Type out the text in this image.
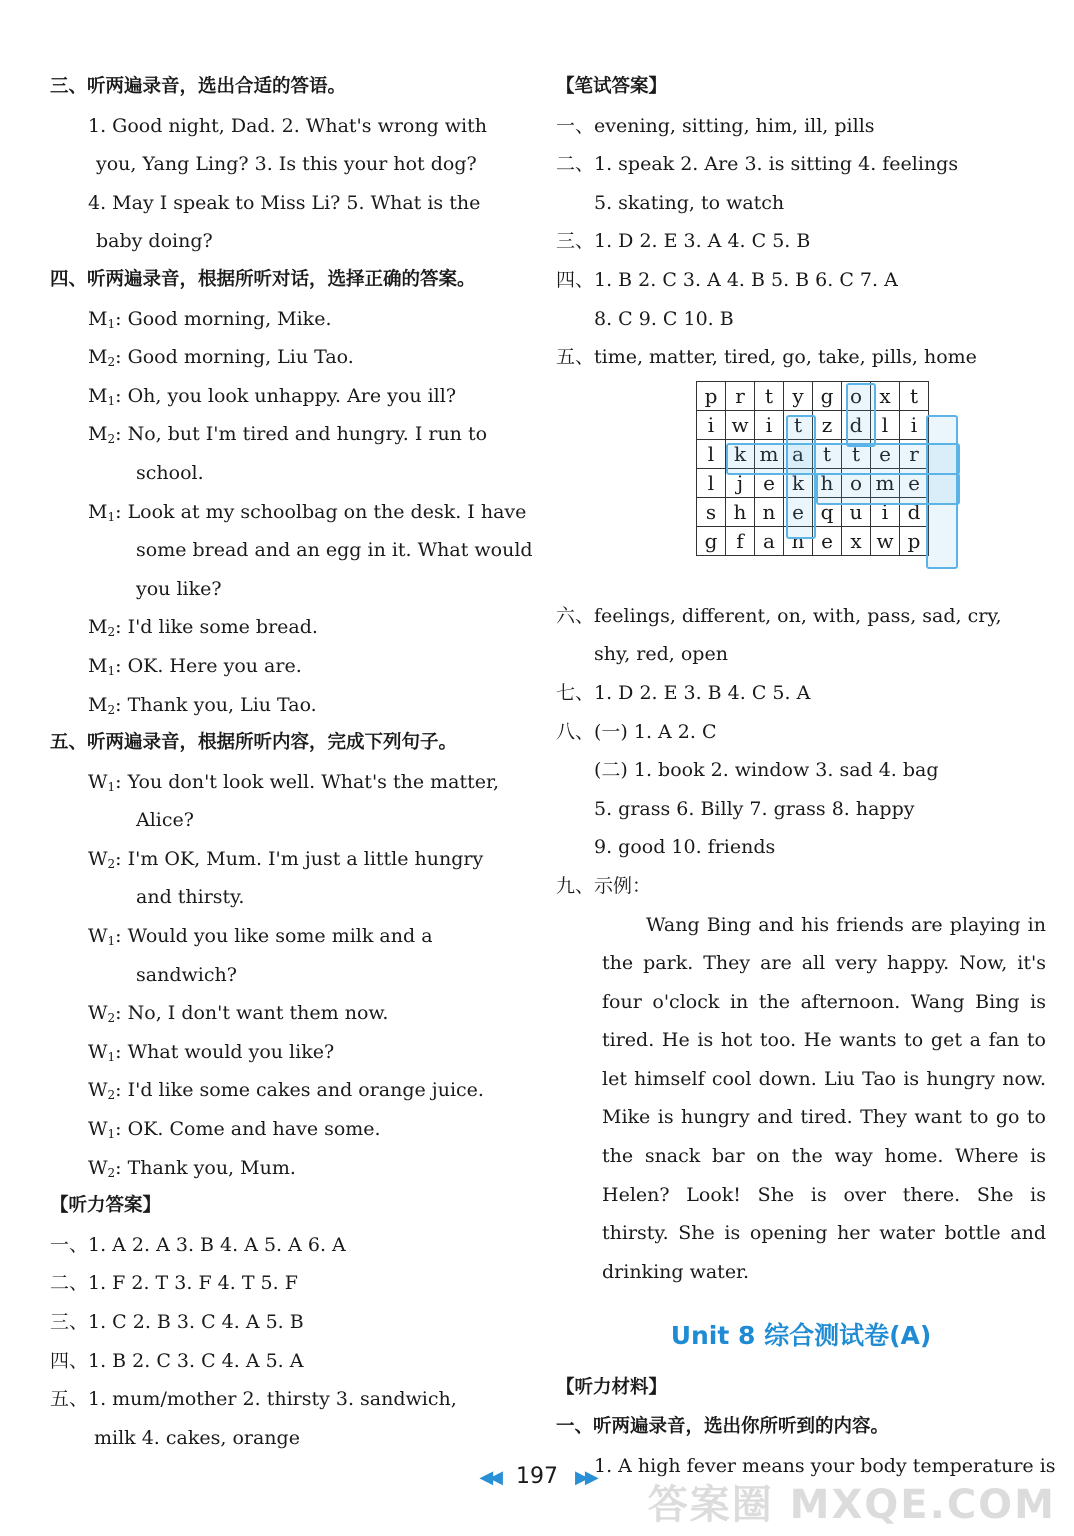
三、听两遍录音，选出合适的答语。
1. Good night, Dad. 2. What's wrong with
you, Yang Ling? 3. Is this your hot dog?
4. May I speak to Miss Li? 5. What is the
baby doing?
四、听两遍录音，根据所听对话，选择正确的答案。
$M_1$: Good morning, Mike.
$M_2$: Good morning, Liu Tao.
$M_1$: Oh, you look unhappy. Are you ill?
$M_2$: No, but I'm tired and hungry. I run to
school.
$M_1$: Look at my schoolbag on the desk. I have
some bread and an egg in it. What would
you like?
$M_2$: I'd like some bread.
$M_1$: OK. Here you are.
$M_2$: Thank you, Liu Tao.
五、听两遍录音，根据所听内容，完成下列句子。
$W_1$: You don't look well. What's the matter,
Alice?
$W_2$: I'm OK, Mum. I'm just a little hungry
and thirsty.
$W_1$: Would you like some milk and a
sandwich?
$W_2$: No, I don't want them now.
$W_1$: What would you like?
$W_2$: I'd like some cakes and orange juice.
$W_1$: OK. Come and have some.
$W_2$: Thank you, Mum.
【听力答案】
一、1. A 2. A 3. B 4. A 5. A 6. A
二、1. F 2. T 3. F 4. T 5. F
三、1. C 2. B 3. C 4. A 5. B
四、1. B 2. C 3. C 4. A 5. A
五、1. mum/mother 2. thirsty 3. sandwich,
milk 4. cakes, orange
【笔试答案】
一、evening, sitting, him, ill, pills
二、1. speak 2. Are 3. is sitting 4. feelings
5. skating, to watch
三、1. D 2. E 3. A 4. C 5. B
四、1. B 2. C 3. A 4. B 5. B 6. C 7. A
8. C 9. C 10. B
五、time, matter, tired, go, take, pills, home
p	r	t	y	g	o	x	t
i	w	i	t	z	d	l	i
l	k	m	a	t	t	e	r
l	j	e	k	h	o	m	e
s	h	n	e	q	u	i	d
g	f	a	n	e	x	w	p
六、feelings, different, on, with, pass, sad, cry,
shy, red, open
七、1. D 2. E 3. B 4. C 5. A
八、(一) 1. A 2. C
(二) 1. book 2. window 3. sad 4. bag
5. grass 6. Billy 7. grass 8. happy
9. good 10. friends
九、示例：
Wang Bing and his friends are playing in
the park. They are all very happy. Now, it's
four o'clock in the afternoon. Wang Bing is
tired. He is hot too. He wants to get a fan to
let himself cool down. Liu Tao is hungry now.
Mike is hungry and tired. They want to go to
the snack bar on the way home. Where is
Helen? Look! She is over there. She is
thirsty. She is opening her water bottle and
drinking water.
Unit 8 综合测试卷(A)
【听力材料】
一、听两遍录音，选出你所听到的内容。
1. A high fever means your body temperature is
◀◀ 197 ▶▶
答案圈 MXQE.COM
